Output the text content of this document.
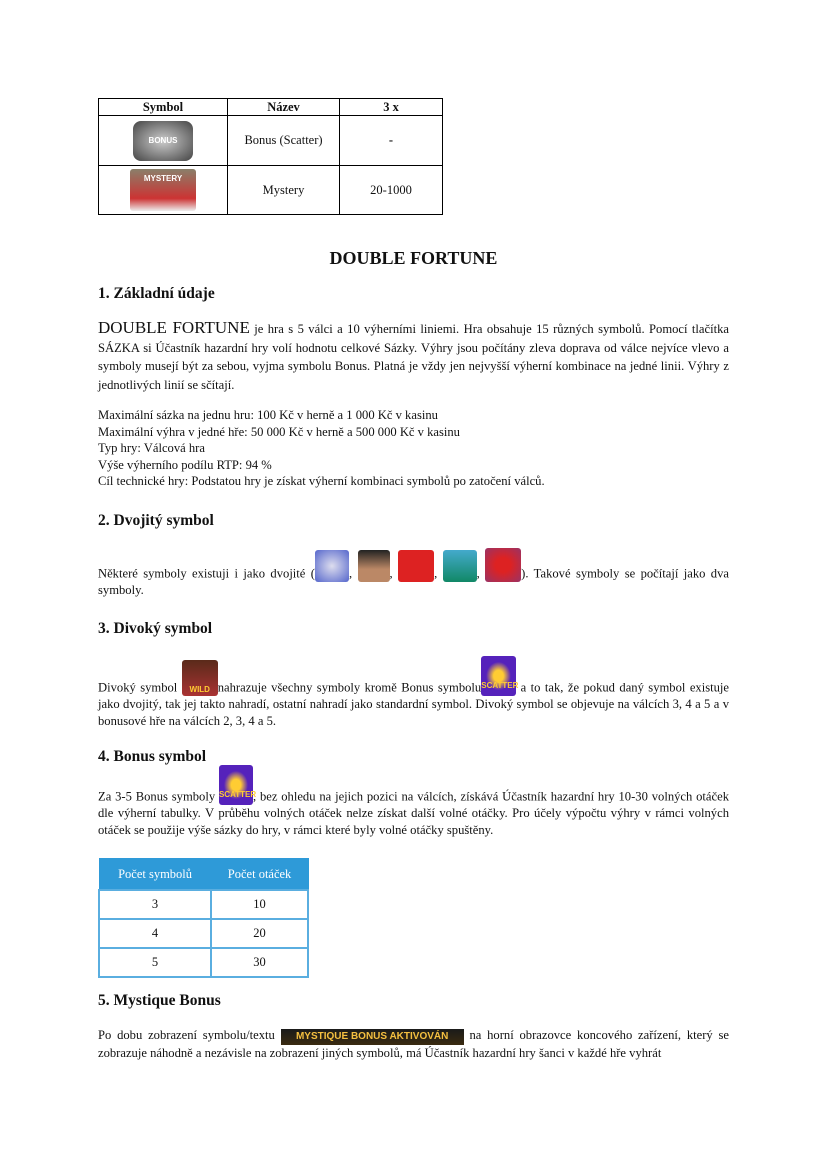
Symbol	Název	3 x
BONUS	Bonus (Scatter)	-
MYSTERY	Mystery	20-1000
DOUBLE FORTUNE
1. Základní údaje
DOUBLE FORTUNE je hra s 5 válci a 10 výherními liniemi. Hra obsahuje 15 různých symbolů. Pomocí tlačítka SÁZKA si Účastník hazardní hry volí hodnotu celkové Sázky. Výhry jsou počítány zleva doprava od válce nejvíce vlevo a symboly musejí být za sebou, vyjma symbolu Bonus. Platná je vždy jen nejvyšší výherní kombinace na jedné linii. Výhry z jednotlivých linií se sčítají.
Maximální sázka na jednu hru: 100 Kč v herně a 1 000 Kč v kasinu
Maximální výhra v jedné hře: 50 000 Kč v herně a 500 000 Kč v kasinu
Typ hry: Válcová hra
Výše výherního podílu RTP: 94 %
Cíl technické hry: Podstatou hry je získat výherní kombinaci symbolů po zatočení válců.
2. Dvojitý symbol
Některé symboly existuji i jako dvojité (	,	,	,	,	). Takové symboly se počítají jako dva symboly.
3. Divoký symbol
Divoký symbol WILD nahrazuje všechny symboly kromě Bonus symboluSCATTER a to tak, že pokud daný symbol existuje jako dvojitý, tak jej takto nahradí, ostatní nahradí jako standardní symbol. Divoký symbol se objevuje na válcích 3, 4 a 5 a v bonusové hře na válcích 2, 3, 4 a 5.
4. Bonus symbol
Za 3-5 Bonus symboly SCATTER, bez ohledu na jejich pozici na válcích, získává Účastník hazardní hry 10-30 volných otáček dle výherní tabulky. V průběhu volných otáček nelze získat další volné otáčky. Pro účely výpočtu výhry v rámci volných otáček se použije výše sázky do hry, v rámci které byly volné otáčky spuštěny.
Počet symbolů	Počet otáček
3	10
4	20
5	30
5. Mystique Bonus
Po dobu zobrazení symbolu/textu MYSTIQUE BONUS AKTIVOVÁN na horní obrazovce koncového zařízení, který se zobrazuje náhodně a nezávisle na zobrazení jiných symbolů, má Účastník hazardní hry šanci v každé hře vyhrát
